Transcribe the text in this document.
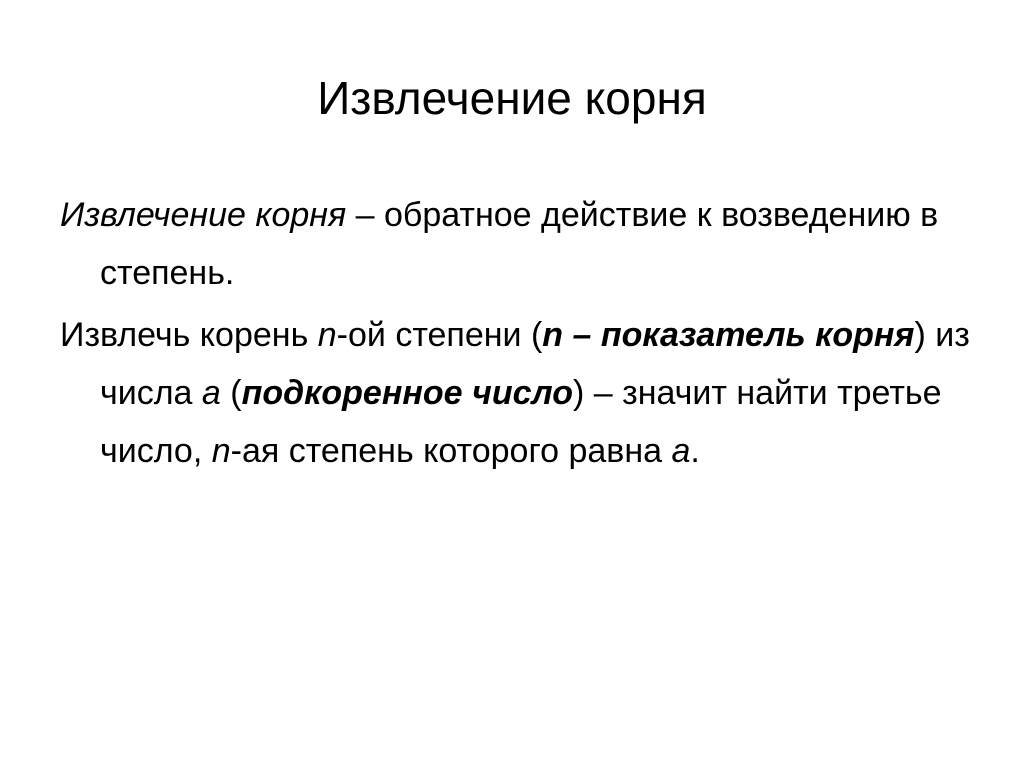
Извлечение корня

Извлечение корня – обратное действие к возведению в степень.

Извлечь корень n-ой степени (n – показатель корня) из числа a (подкоренное число) – значит найти третье число, n-ая степень которого равна a.
